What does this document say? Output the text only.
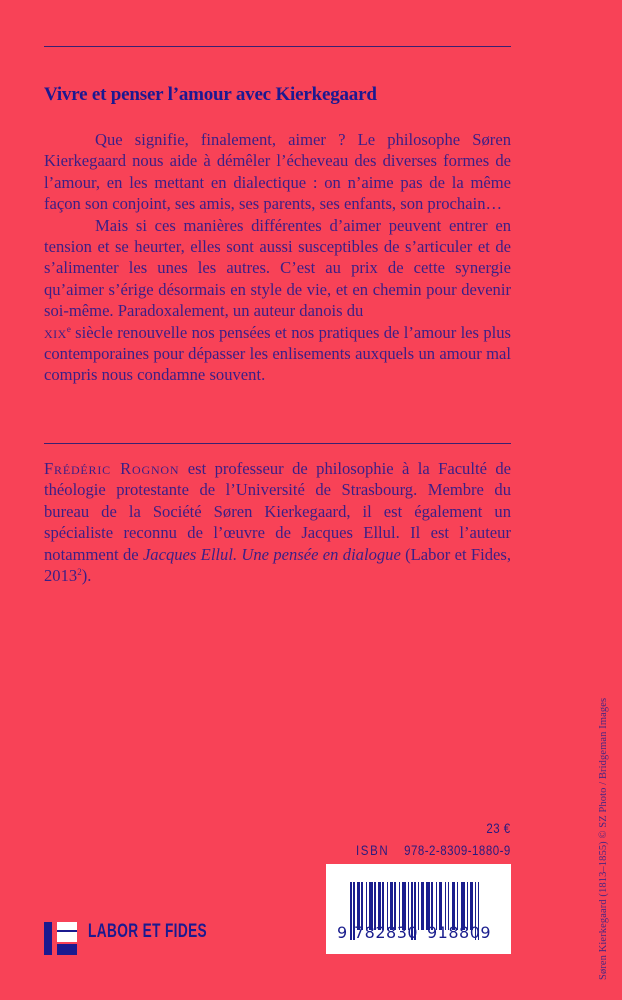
Vivre et penser l’amour avec Kierkegaard

Que signifie, finalement, aimer ? Le philosophe Søren Kierkegaard nous aide à démêler l’écheveau des diverses formes de l’amour, en les mettant en dialectique : on n’aime pas de la même façon son conjoint, ses amis, ses parents, ses enfants, son prochain…

Mais si ces manières différentes d’aimer peuvent entrer en tension et se heurter, elles sont aussi susceptibles de s’articuler et de s’alimenter les unes les autres. C’est au prix de cette synergie qu’aimer s’érige désormais en style de vie, et en chemin pour devenir soi-même. Paradoxalement, un auteur danois du
xix$^e$ siècle renouvelle nos pensées et nos pratiques de l’amour les plus contemporaines pour dépasser les enlisements auxquels un amour mal compris nous condamne souvent.

Frédéric Rognon est professeur de philosophie à la Faculté de théologie protestante de l’Université de Strasbourg. Membre du bureau de la Société Søren Kierkegaard, il est également un spécialiste reconnu de l’œuvre de Jacques Ellul. Il est l’auteur notamment de Jacques Ellul. Une pensée en dialogue (Labor et Fides, 2013$^2$).

23 €
ISBN 978-2-8309-1880-9
9 782830 918809
LABOR ET FIDES	Søren Kierkegaard (1813–1855) © SZ Photo / Bridgeman Images
